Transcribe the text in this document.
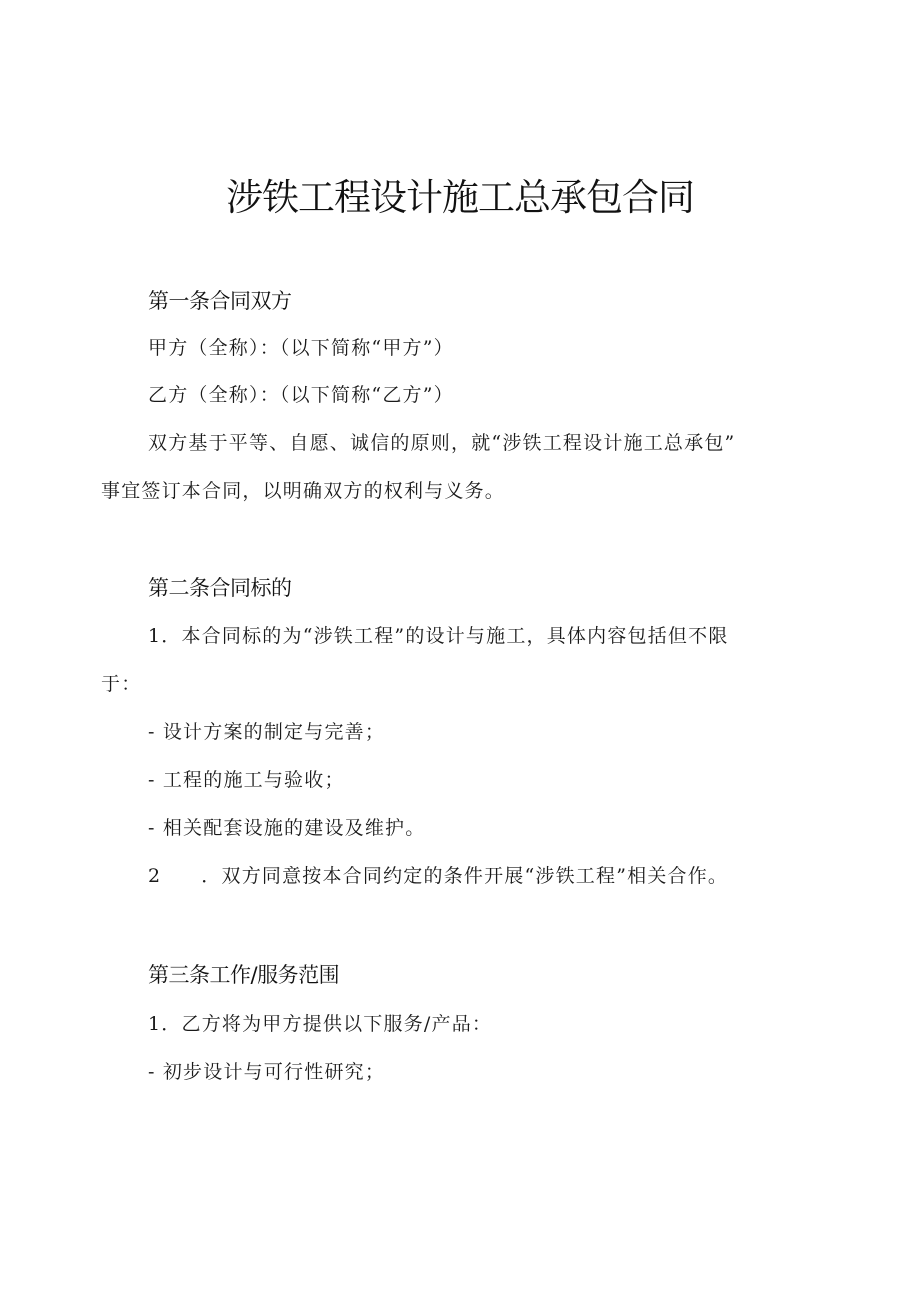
涉铁工程设计施工总承包合同
第一条合同双方
甲方（全称）：（以下简称“甲方”）
乙方（全称）：（以下简称“乙方”）
双方基于平等、自愿、诚信的原则，就“涉铁工程设计施工总承包”
事宜签订本合同，以明确双方的权利与义务。
第二条合同标的
1．本合同标的为“涉铁工程”的设计与施工，具体内容包括但不限
于：
- 设计方案的制定与完善；
- 工程的施工与验收；
- 相关配套设施的建设及维护。
2 ．双方同意按本合同约定的条件开展“涉铁工程”相关合作。
第三条工作/服务范围
1．乙方将为甲方提供以下服务/产品：
- 初步设计与可行性研究；
